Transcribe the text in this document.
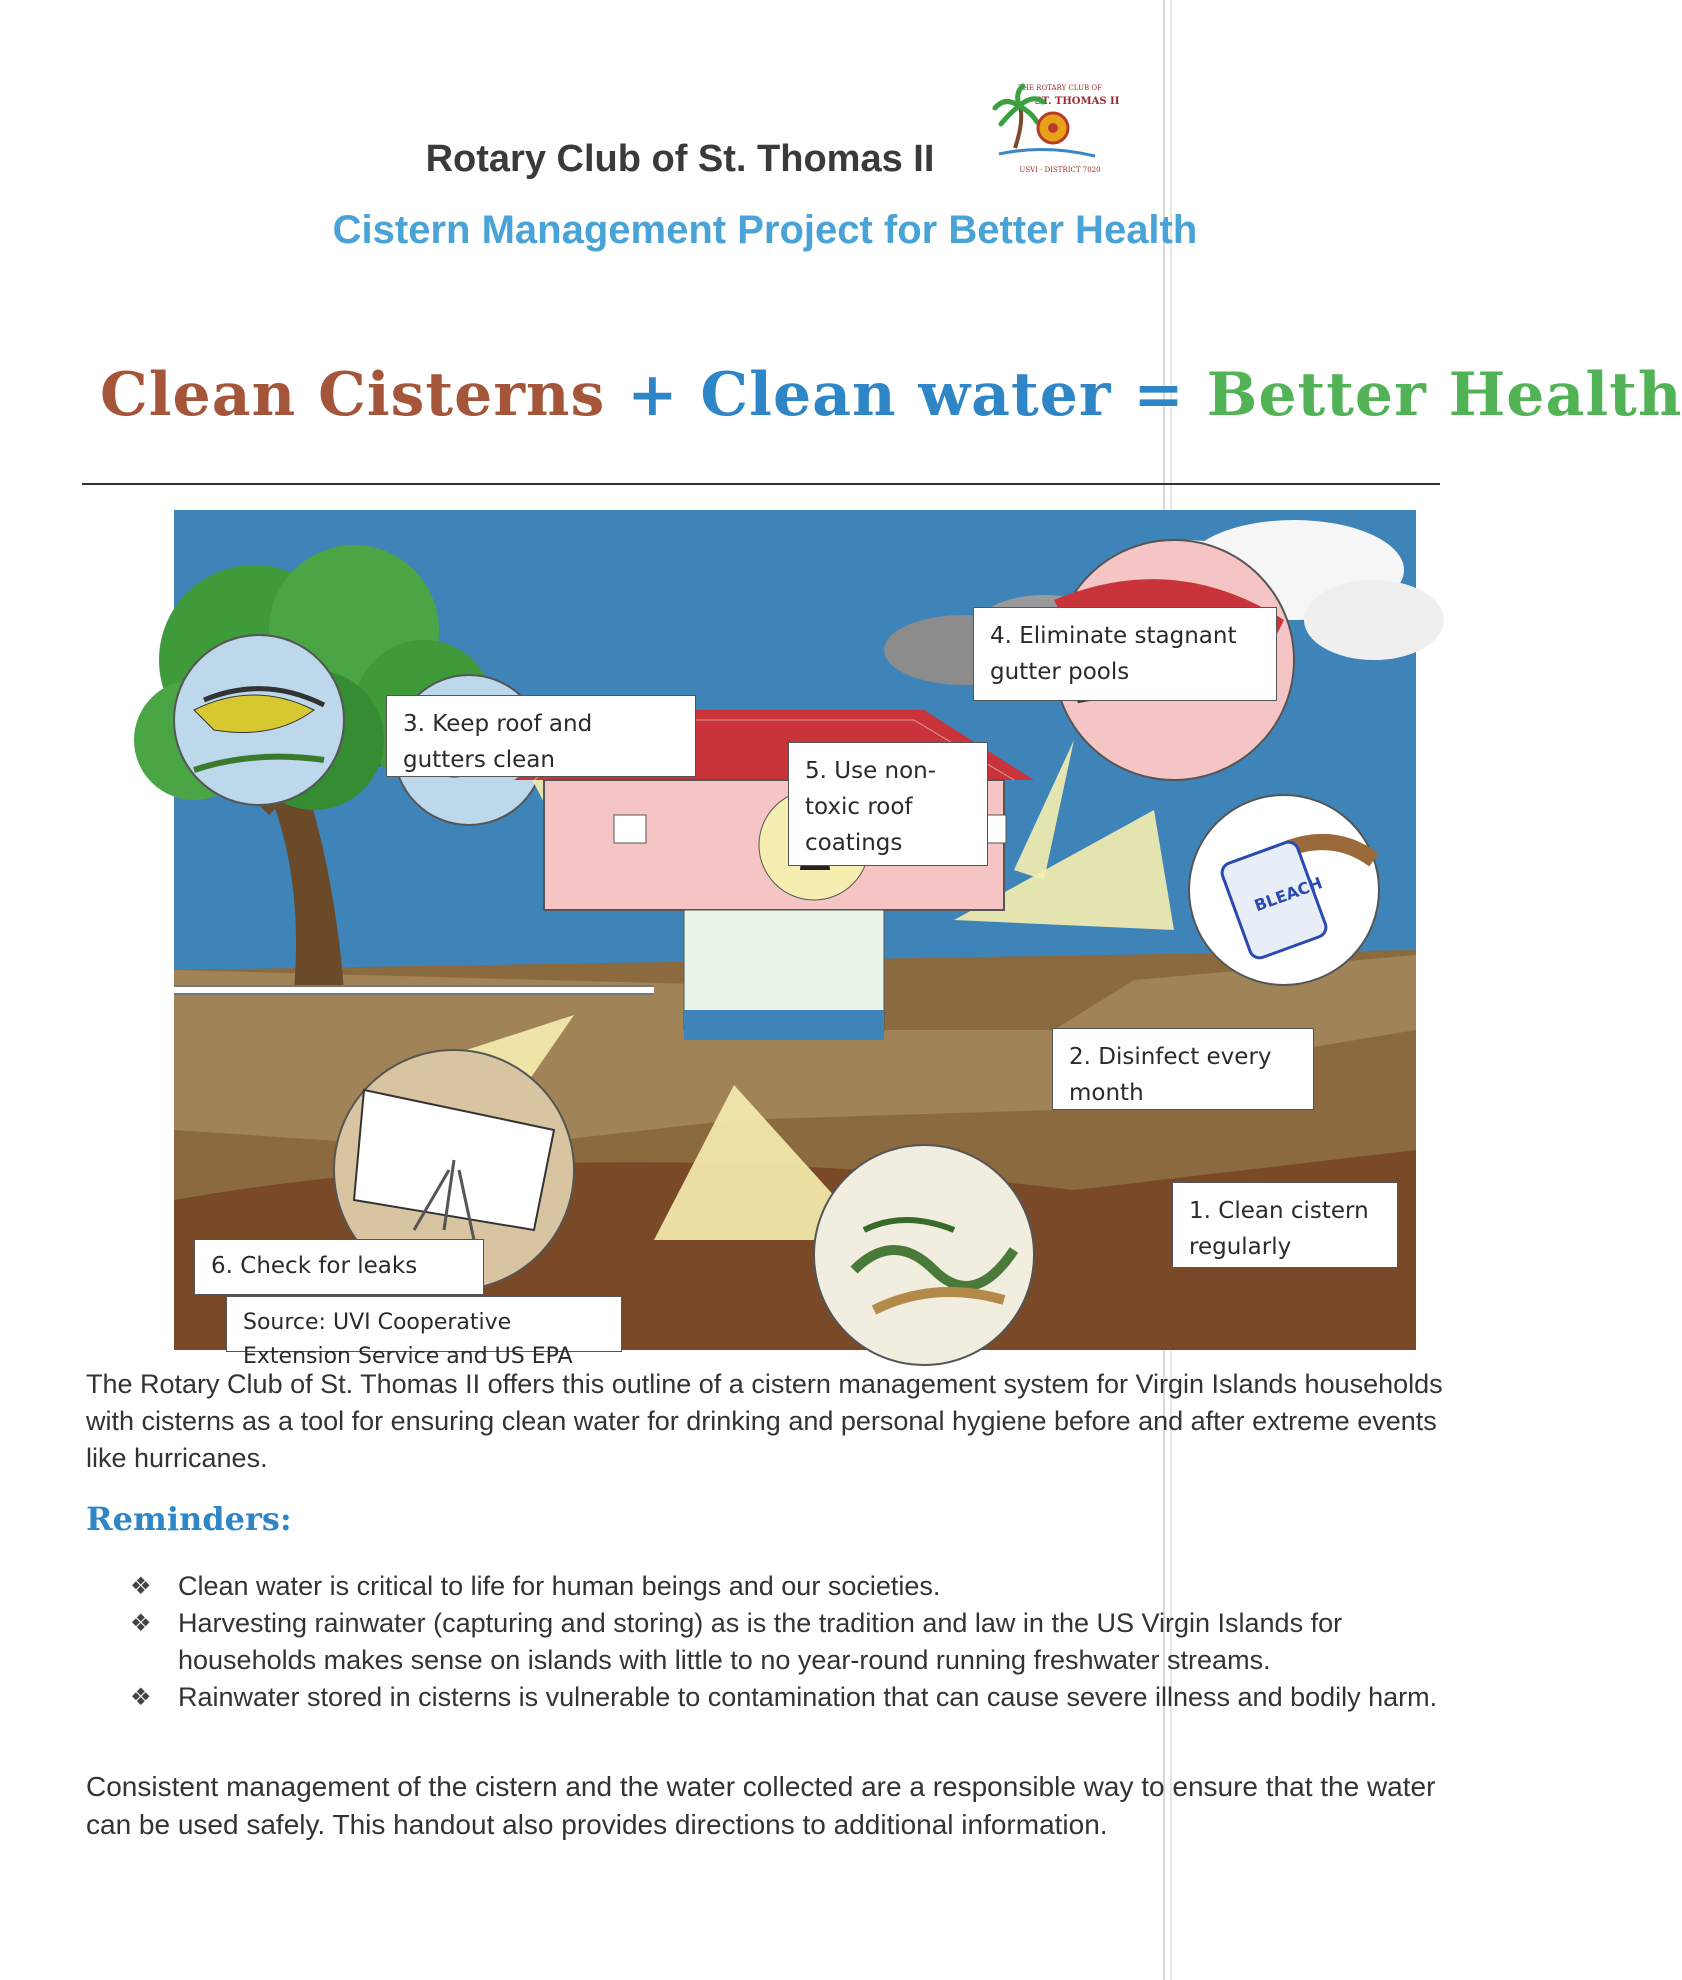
THE ROTARY CLUB OF
ST. THOMAS II
USVI · DISTRICT 7020
Rotary Club of St. Thomas II
Cistern Management Project for Better Health
Clean Cisterns + Clean water = Better Health
BLEACH
3. Keep roof and gutters clean
4. Eliminate stagnant gutter pools
5. Use non-toxic roof coatings
2. Disinfect every month
1. Clean cistern regularly
6. Check for leaks
Source: UVI Cooperative Extension Service and US EPA

The Rotary Club of St. Thomas II offers this outline of a cistern management system for Virgin Islands households with cisterns as a tool for ensuring clean water for drinking and personal hygiene before and after extreme events like hurricanes.

Reminders:
❖ Clean water is critical to life for human beings and our societies.
❖ Harvesting rainwater (capturing and storing) as is the tradition and law in the US Virgin Islands for households makes sense on islands with little to no year-round running freshwater streams.
❖ Rainwater stored in cisterns is vulnerable to contamination that can cause severe illness and bodily harm.

Consistent management of the cistern and the water collected are a responsible way to ensure that the water can be used safely. This handout also provides directions to additional information.
